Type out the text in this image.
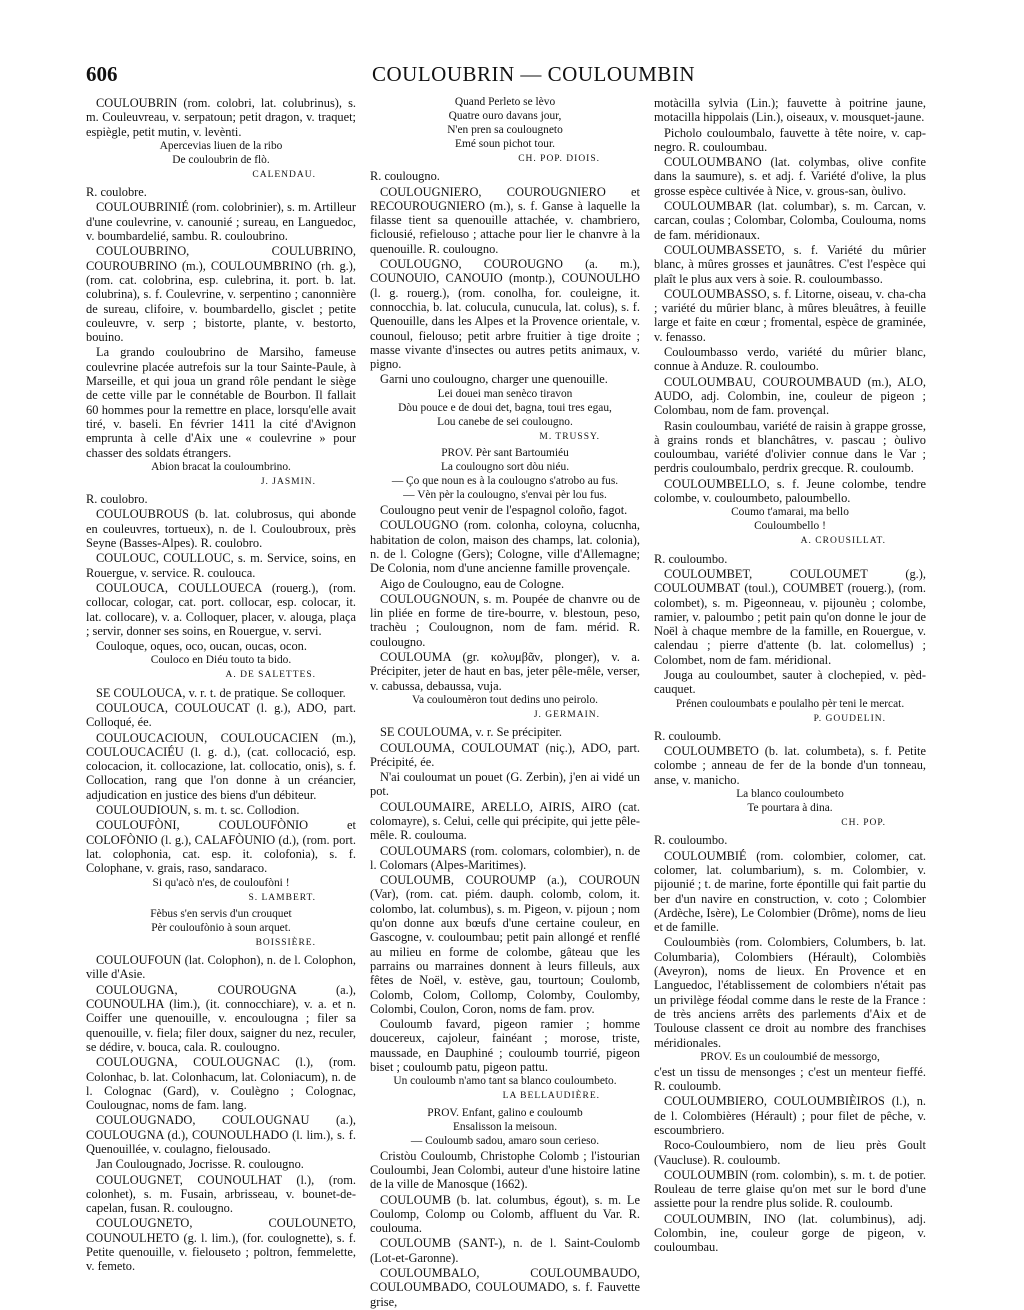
606	COULOUBRIN — COULOUMBIN

COULOUBRIN (rom. colobri, lat. colubrinus), s. m. Couleuvreau, v. serpatoun; petit dragon, v. traquet; espiègle, petit mutin, v. levènti.

Apercevias liuen de la ribo

De couloubrin de flò.

CALENDAU.

R. coulobre.

COULOUBRINIÉ (rom. colobrinier), s. m. Artilleur d'une coulevrine, v. canounié ; sureau, en Languedoc, v. boumbardelié, sambu. R. couloubrino.

COULOUBRINO, COULUBRINO, COUROUBRINO (m.), COULOUMBRINO (rh. g.), (rom. cat. colobrina, esp. culebrina, it. port. b. lat. colubrina), s. f. Coulevrine, v. serpentino ; canonnière de sureau, clifoire, v. boumbardello, gisclet ; petite couleuvre, v. serp ; bistorte, plante, v. bestorto, bouino.

La grando couloubrino de Marsiho, fameuse coulevrine placée autrefois sur la tour Sainte-Paule, à Marseille, et qui joua un grand rôle pendant le siège de cette ville par le connétable de Bourbon. Il fallait 60 hommes pour la remettre en place, lorsqu'elle avait tiré, v. baseli. En février 1411 la cité d'Avignon emprunta à celle d'Aix une « coulevrine » pour chasser des soldats étrangers.

Abion bracat la couloumbrino.

J. JASMIN.

R. coulobro.

COULOUBROUS (b. lat. colubrosus, qui abonde en couleuvres, tortueux), n. de l. Couloubroux, près Seyne (Basses-Alpes). R. coulobro.

COULOUC, COULLOUC, s. m. Service, soins, en Rouergue, v. service. R. coulouca.

COULOUCA, COULLOUECA (rouerg.), (rom. collocar, cologar, cat. port. collocar, esp. colocar, it. lat. collocare), v. a. Colloquer, placer, v. alouga, plaça ; servir, donner ses soins, en Rouergue, v. servi.

Couloque, oques, oco, oucan, oucas, ocon.

Couloco en Diéu touto ta bido.

A. DE SALETTES.

SE COULOUCA, v. r. t. de pratique. Se colloquer.

COULOUCA, COULOUCAT (l. g.), ADO, part. Colloqué, ée.

COULOUCACIOUN, COULOUCACIEN (m.), COULOUCACIÉU (l. g. d.), (cat. collocació, esp. colocacion, it. collocazione, lat. collocatio, onis), s. f. Collocation, rang que l'on donne à un créancier, adjudication en justice des biens d'un débiteur.

COULOUDIOUN, s. m. t. sc. Collodion.

COULOUFÒNI, COULOUFÒNIO et COLOFÒNIO (l. g.), CALAFÒUNIO (d.), (rom. port. lat. colophonia, cat. esp. it. colofonia), s. f. Colophane, v. grais, raso, sandaraco.

Si qu'acò n'es, de couloufòni !

S. LAMBERT.

Fèbus s'en servis d'un crouquet

Pèr couloufònio à soun arquet.

BOISSIÈRE.

COULOUFOUN (lat. Colophon), n. de l. Colophon, ville d'Asie.

COULOUGNA, COUROUGNA (a.), COUNOULHA (lim.), (it. connocchiare), v. a. et n. Coiffer une quenouille, v. encoulougna ; filer sa quenouille, v. fiela; filer doux, saigner du nez, reculer, se dédire, v. bouca, cala. R. coulougno.

COULOUGNA, COULOUGNAC (l.), (rom. Colonhac, b. lat. Colonhacum, lat. Coloniacum), n. de l. Colognac (Gard), v. Coulègno ; Colognac, Coulougnac, noms de fam. lang.

COULOUGNADO, COULOUGNAU (a.), COULOUGNA (d.), COUNOULHADO (l. lim.), s. f. Quenouillée, v. coulagno, fielousado.

Jan Coulougnado, Jocrisse. R. coulougno.

COULOUGNET, COUNOULHAT (l.), (rom. colonhet), s. m. Fusain, arbrisseau, v. bounet-de-capelan, fusan. R. coulougno.

COULOUGNETO, COULOUNETO, COUNOULHETO (g. l. lim.), (for. coulognette), s. f. Petite quenouille, v. fielouseto ; poltron, femmelette, v. femeto.

Quand Perleto se lèvo

Quatre ouro davans jour,

N'en pren sa coulougneto

Emé soun pichot tour.

CH. POP. DIOIS.

R. coulougno.

COULOUGNIERO, COUROUGNIERO et RECOUROUGNIERO (m.), s. f. Ganse à laquelle la filasse tient sa quenouille attachée, v. chambriero, ficlousié, refielouso ; attache pour lier le chanvre à la quenouille. R. coulougno.

COULOUGNO, COUROUGNO (a. m.), COUNOUIO, CANOUIO (montp.), COUNOULHO (l. g. rouerg.), (rom. conolha, for. couleigne, it. connocchia, b. lat. colucula, cunucula, lat. colus), s. f. Quenouille, dans les Alpes et la Provence orientale, v. counoul, fielouso; petit arbre fruitier à tige droite ; masse vivante d'insectes ou autres petits animaux, v. pigno.

Garni uno coulougno, charger une quenouille.

Lei douei man senèco tiravon

Dòu pouce e de doui det, bagna, toui tres egau,

Lou canebe de sei coulougno.

M. TRUSSY.

PROV. Pèr sant Bartoumiéu

La coulougno sort dòu niéu.

— Ço que noun es à la coulougno s'atrobo au fus.

— Vèn pèr la coulougno, s'envai pèr lou fus.

Coulougno peut venir de l'espagnol coloño, fagot.

COULOUGNO (rom. colonha, coloyna, colucnha, habitation de colon, maison des champs, lat. colonia), n. de l. Cologne (Gers); Cologne, ville d'Allemagne; De Colonia, nom d'une ancienne famille provençale.

Aigo de Coulougno, eau de Cologne.

COULOUGNOUN, s. m. Poupée de chanvre ou de lin pliée en forme de tire-bourre, v. blestoun, peso, trachèu ; Coulougnon, nom de fam. mérid. R. coulougno.

COULOUMA (gr. κολυμβᾶν, plonger), v. a. Précipiter, jeter de haut en bas, jeter pêle-mêle, verser, v. cabussa, debaussa, vuja.

Va couloumèron tout dedins uno peirolo.

J. GERMAIN.

SE COULOUMA, v. r. Se précipiter.

COULOUMA, COULOUMAT (niç.), ADO, part. Précipité, ée.

N'ai couloumat un pouet (G. Zerbin), j'en ai vidé un pot.

COULOUMAIRE, ARELLO, AIRIS, AIRO (cat. colomayre), s. Celui, celle qui précipite, qui jette pêle-mêle. R. coulouma.

COULOUMARS (rom. colomars, colombier), n. de l. Colomars (Alpes-Maritimes).

COULOUMB, COUROUMP (a.), COUROUN (Var), (rom. cat. piém. dauph. colomb, colom, it. colombo, lat. columbus), s. m. Pigeon, v. pijoun ; nom qu'on donne aux bœufs d'une certaine couleur, en Gascogne, v. couloumbau; petit pain allongé et renflé au milieu en forme de colombe, gâteau que les parrains ou marraines donnent à leurs filleuls, aux fêtes de Noël, v. estève, gau, tourtoun; Coulomb, Colomb, Colom, Collomp, Colomby, Coulomby, Colombi, Coulon, Coron, noms de fam. prov.

Couloumb favard, pigeon ramier ; homme doucereux, cajoleur, fainéant ; morose, triste, maussade, en Dauphiné ; couloumb tourrié, pigeon biset ; couloumb patu, pigeon pattu.

Un couloumb n'amo tant sa blanco couloumbeto.

LA BELLAUDIÈRE.

PROV. Enfant, galino e couloumb

Ensalisson la meisoun.

— Couloumb sadou, amaro soun cerieso.

Cristòu Couloumb, Christophe Colomb ; l'istourian Couloumbi, Jean Colombi, auteur d'une histoire latine de la ville de Manosque (1662).

COULOUMB (b. lat. columbus, égout), s. m. Le Coulomp, Colomp ou Colomb, affluent du Var. R. coulouma.

COULOUMB (SANT-), n. de l. Saint-Coulomb (Lot-et-Garonne).

COULOUMBALO, COULOUMBAUDO, COULOUMBADO, COULOUMADO, s. f. Fauvette grise,

motàcilla sylvia (Lin.); fauvette à poitrine jaune, motacilla hippolais (Lin.), oiseaux, v. mousquet-jaune.

Picholo couloumbalo, fauvette à tête noire, v. cap-negro. R. couloumbau.

COULOUMBANO (lat. colymbas, olive confite dans la saumure), s. et adj. f. Variété d'olive, la plus grosse espèce cultivée à Nice, v. grous-san, òulivo.

COULOUMBAR (lat. columbar), s. m. Carcan, v. carcan, coulas ; Colombar, Colomba, Coulouma, noms de fam. méridionaux.

COULOUMBASSETO, s. f. Variété du mûrier blanc, à mûres grosses et jaunâtres. C'est l'espèce qui plaît le plus aux vers à soie. R. couloumbasso.

COULOUMBASSO, s. f. Litorne, oiseau, v. cha-cha ; variété du mûrier blanc, à mûres bleuâtres, à feuille large et faite en cœur ; fromental, espèce de graminée, v. fenasso.

Couloumbasso verdo, variété du mûrier blanc, connue à Anduze. R. couloumbo.

COULOUMBAU, COUROUMBAUD (m.), ALO, AUDO, adj. Colombin, ine, couleur de pigeon ; Colombau, nom de fam. provençal.

Rasin couloumbau, variété de raisin à grappe grosse, à grains ronds et blanchâtres, v. pascau ; òulivo couloumbau, variété d'olivier connue dans le Var ; perdris couloumbalo, perdrix grecque. R. couloumb.

COULOUMBELLO, s. f. Jeune colombe, tendre colombe, v. couloumbeto, paloumbello.

Coumo t'amarai, ma bello

Couloumbello !

A. CROUSILLAT.

R. couloumbo.

COULOUMBET, COULOUMET (g.), COULOUMBAT (toul.), COUMBET (rouerg.), (rom. colombet), s. m. Pigeonneau, v. pijounèu ; colombe, ramier, v. paloumbo ; petit pain qu'on donne le jour de Noël à chaque membre de la famille, en Rouergue, v. calendau ; pierre d'attente (b. lat. colomellus) ; Colombet, nom de fam. méridional.

Jouga au couloumbet, sauter à clochepied, v. pèd-cauquet.

Prénen couloumbats e poulalho pèr teni le mercat.

P. GOUDELIN.

R. couloumb.

COULOUMBETO (b. lat. columbeta), s. f. Petite colombe ; anneau de fer de la bonde d'un tonneau, anse, v. manicho.

La blanco couloumbeto

Te pourtara à dina.

CH. POP.

R. couloumbo.

COULOUMBIÉ (rom. colombier, colomer, cat. colomer, lat. columbarium), s. m. Colombier, v. pijounié ; t. de marine, forte épontille qui fait partie du ber d'un navire en construction, v. coto ; Colombier (Ardèche, Isère), Le Colombier (Drôme), noms de lieu et de famille.

Couloumbiès (rom. Colombiers, Columbers, b. lat. Columbaria), Colombiers (Hérault), Colombiès (Aveyron), noms de lieux. En Provence et en Languedoc, l'établissement de colombiers n'était pas un privilège féodal comme dans le reste de la France : de très anciens arrêts des parlements d'Aix et de Toulouse classent ce droit au nombre des franchises méridionales.

PROV. Es un couloumbié de messorgo,

c'est un tissu de mensonges ; c'est un menteur fieffé. R. couloumb.

COULOUMBIERO, COULOUMBIÈIROS (l.), n. de l. Colombières (Hérault) ; pour filet de pêche, v. escoumbriero.

Roco-Couloumbiero, nom de lieu près Goult (Vaucluse). R. couloumb.

COULOUMBIN (rom. colombin), s. m. t. de potier. Rouleau de terre glaise qu'on met sur le bord d'une assiette pour la rendre plus solide. R. couloumb.

COULOUMBIN, INO (lat. columbinus), adj. Colombin, ine, couleur gorge de pigeon, v. couloumbau.
